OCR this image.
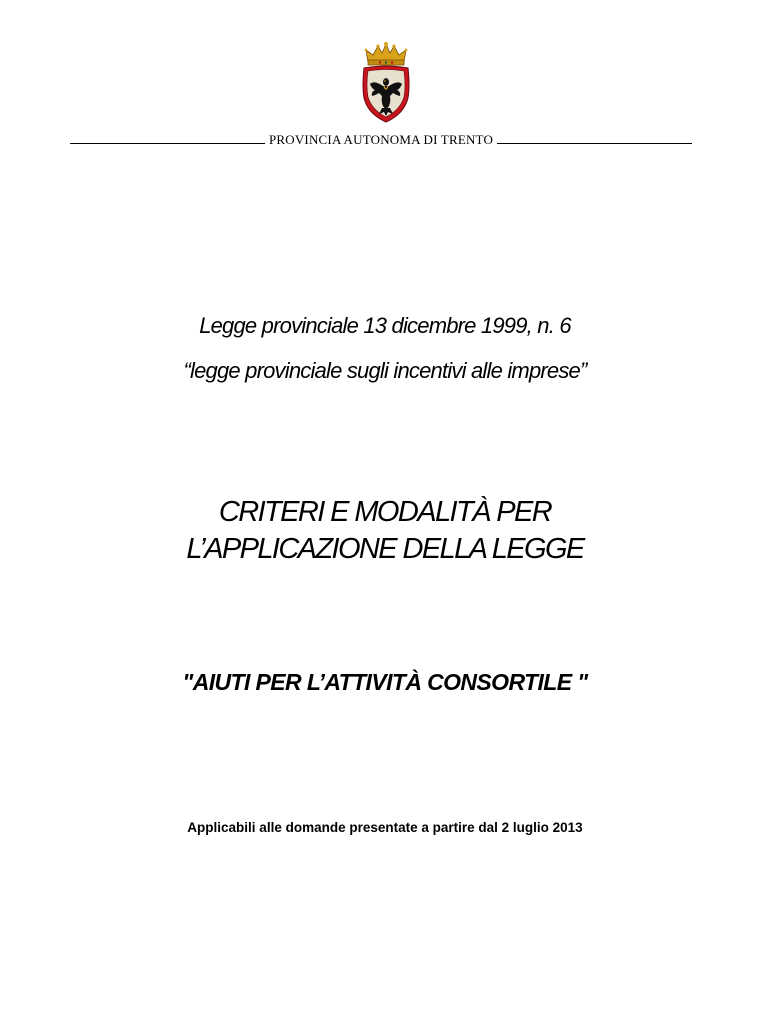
PROVINCIA AUTONOMA DI TRENTO
Legge provinciale 13 dicembre 1999, n. 6
“legge provinciale sugli incentivi alle imprese”
CRITERI E MODALITÀ PER
L’APPLICAZIONE DELLA LEGGE
"AIUTI PER L’ATTIVITÀ CONSORTILE "
Applicabili alle domande presentate a partire dal 2 luglio 2013
